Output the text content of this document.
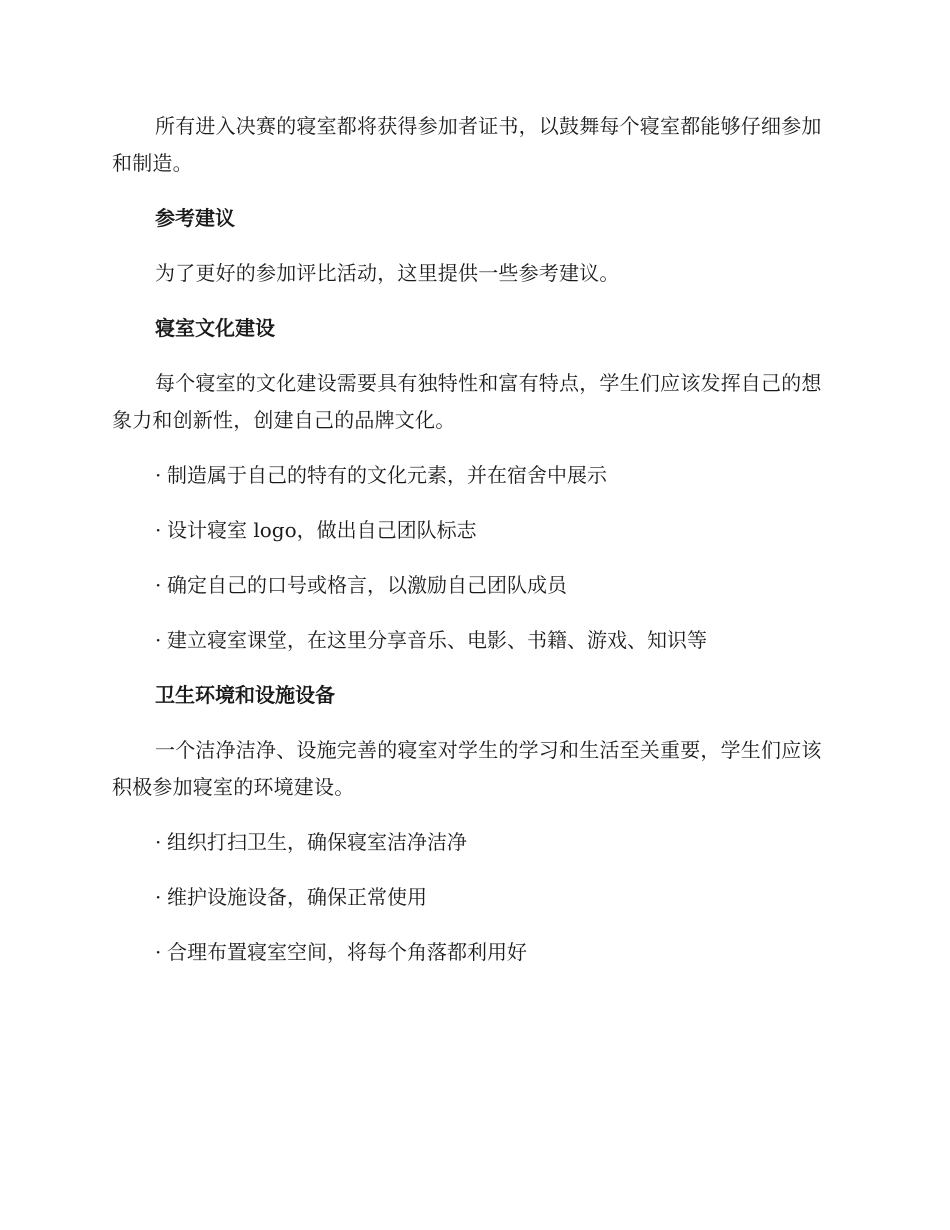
所有进入决赛的寝室都将获得参加者证书，以鼓舞每个寝室都能够仔细参加和制造。

参考建议

为了更好的参加评比活动，这里提供一些参考建议。

寝室文化建设

每个寝室的文化建设需要具有独特性和富有特点，学生们应该发挥自己的想象力和创新性，创建自己的品牌文化。

· 制造属于自己的特有的文化元素，并在宿舍中展示
· 设计寝室 logo，做出自己团队标志
· 确定自己的口号或格言，以激励自己团队成员
· 建立寝室课堂，在这里分享音乐、电影、书籍、游戏、知识等
卫生环境和设施设备

一个洁净洁净、设施完善的寝室对学生的学习和生活至关重要，学生们应该积极参加寝室的环境建设。

· 组织打扫卫生，确保寝室洁净洁净
· 维护设施设备，确保正常使用
· 合理布置寝室空间，将每个角落都利用好
